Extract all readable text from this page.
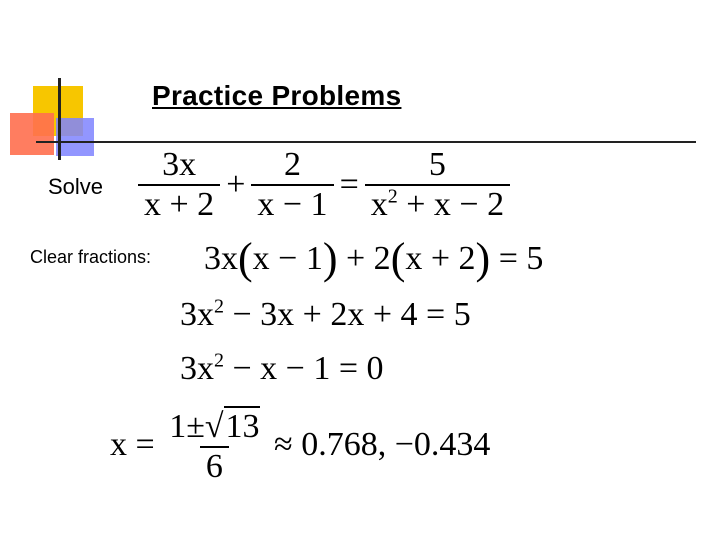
Practice Problems
Solve
Clear fractions:
$\frac{3x}{x + 2} + \frac{2}{x - 1} = \frac{5}{x^2 + x - 2}$
3x(x − 1) + 2(x + 2) = 5
$3x^2 - 3x + 2x + 4 = 5$
$3x^2 - x - 1 = 0$
$x = \frac{1\pm√13}{6} \approx 0.768$, −0.434
